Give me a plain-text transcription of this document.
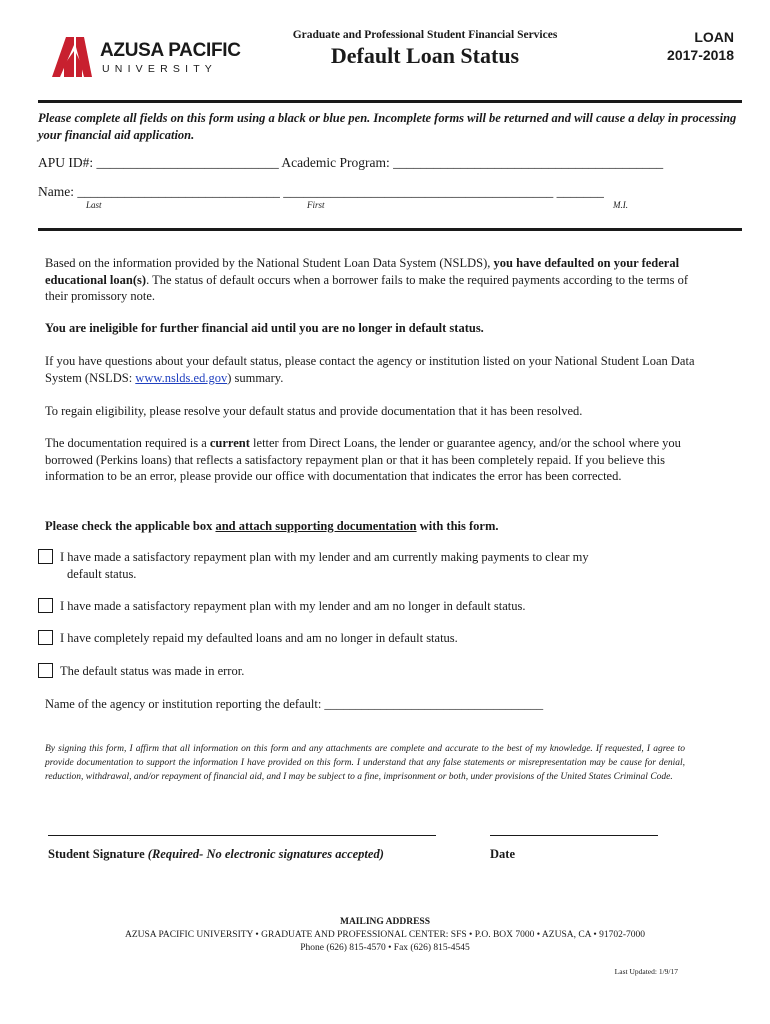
AZUSA PACIFIC
UNIVERSITY
Graduate and Professional Student Financial Services
Default Loan Status
LOAN
2017-2018
Please complete all fields on this form using a black or blue pen. Incomplete forms will be returned and will cause a delay in processing your financial aid application.
APU ID#: ___________________________ Academic Program: ________________________________________
Name: ______________________________ ________________________________________ _______
Last	First	M.I.
Based on the information provided by the National Student Loan Data System (NSLDS), you have defaulted on your federal educational loan(s). The status of default occurs when a borrower fails to make the required payments according to the terms of their promissory note.
You are ineligible for further financial aid until you are no longer in default status.
If you have questions about your default status, please contact the agency or institution listed on your National Student Loan Data System (NSLDS: www.nslds.ed.gov) summary.
To regain eligibility, please resolve your default status and provide documentation that it has been resolved.
The documentation required is a current letter from Direct Loans, the lender or guarantee agency, and/or the school where you borrowed (Perkins loans) that reflects a satisfactory repayment plan or that it has been completely repaid. If you believe this information to be an error, please provide our office with documentation that indicates the error has been corrected.
Please check the applicable box and attach supporting documentation with this form.
I have made a satisfactory repayment plan with my lender and am currently making payments to clear my
default status.
I have made a satisfactory repayment plan with my lender and am no longer in default status.
I have completely repaid my defaulted loans and am no longer in default status.
The default status was made in error.
Name of the agency or institution reporting the default: ___________________________________
By signing this form, I affirm that all information on this form and any attachments are complete and accurate to the best of my knowledge. If requested, I agree to provide documentation to support the information I have provided on this form. I understand that any false statements or misrepresentation may be cause for denial, reduction, withdrawal, and/or repayment of financial aid, and I may be subject to a fine, imprisonment or both, under provisions of the United States Criminal Code.
Student Signature (Required- No electronic signatures accepted)	Date
MAILING ADDRESS
AZUSA PACIFIC UNIVERSITY • GRADUATE AND PROFESSIONAL CENTER: SFS • P.O. BOX 7000 • AZUSA, CA • 91702-7000
Phone (626) 815-4570 • Fax (626) 815-4545
Last Updated: 1/9/17
